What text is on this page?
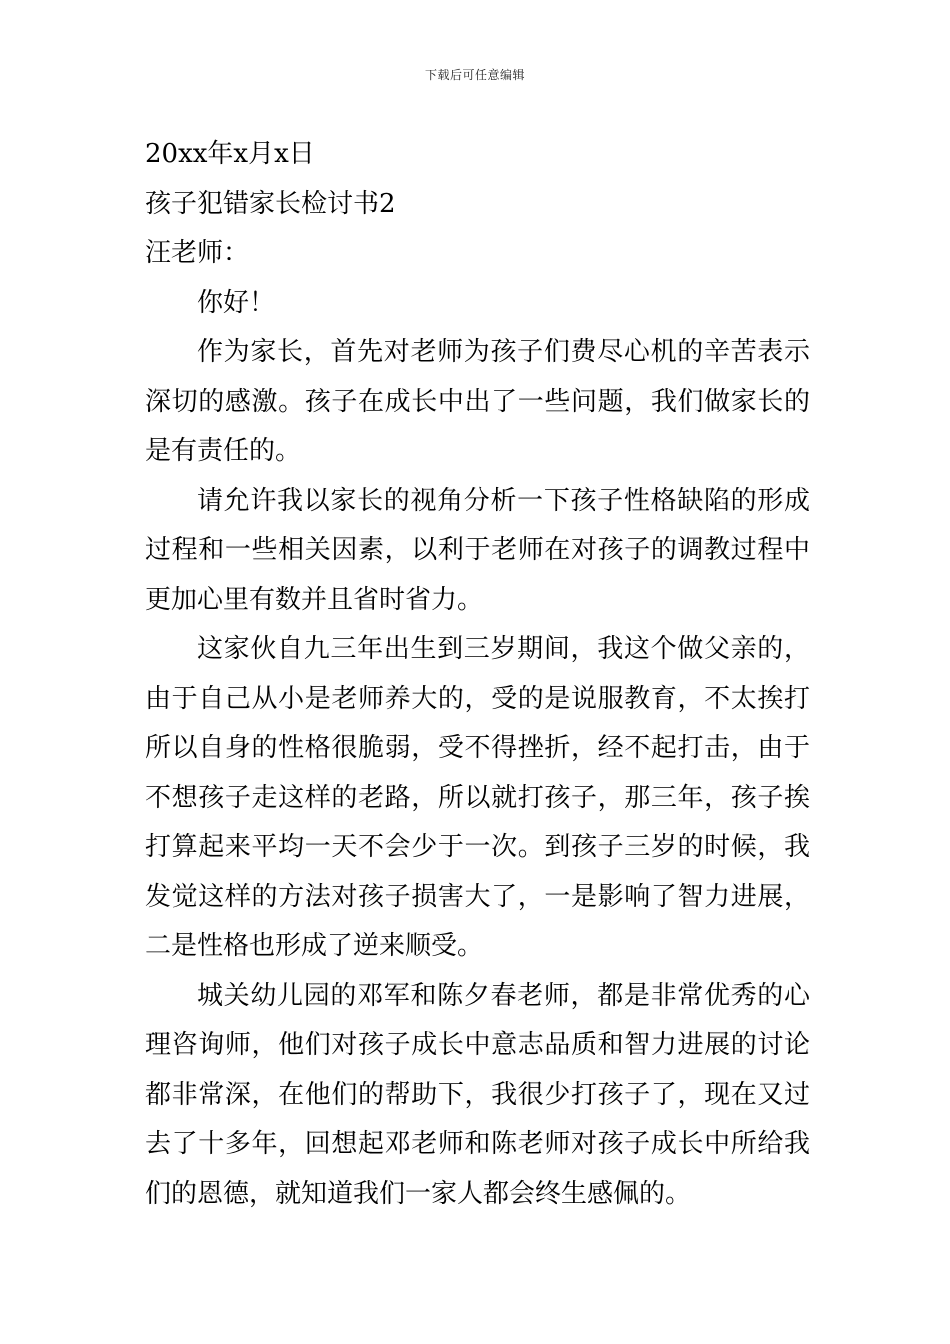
下载后可任意编辑

20xx年x月x日

孩子犯错家长检讨书2

汪老师：

你好！

作为家长，首先对老师为孩子们费尽心机的辛苦表示深切的感激。孩子在成长中出了一些问题，我们做家长的是有责任的。

请允许我以家长的视角分析一下孩子性格缺陷的形成过程和一些相关因素，以利于老师在对孩子的调教过程中更加心里有数并且省时省力。

这家伙自九三年出生到三岁期间，我这个做父亲的，由于自己从小是老师养大的，受的是说服教育，不太挨打所以自身的性格很脆弱，受不得挫折，经不起打击，由于不想孩子走这样的老路，所以就打孩子，那三年，孩子挨打算起来平均一天不会少于一次。到孩子三岁的时候，我发觉这样的方法对孩子损害大了，一是影响了智力进展，二是性格也形成了逆来顺受。

城关幼儿园的邓军和陈夕春老师，都是非常优秀的心理咨询师，他们对孩子成长中意志品质和智力进展的讨论都非常深，在他们的帮助下，我很少打孩子了，现在又过去了十多年，回想起邓老师和陈老师对孩子成长中所给我们的恩德，就知道我们一家人都会终生感佩的。
